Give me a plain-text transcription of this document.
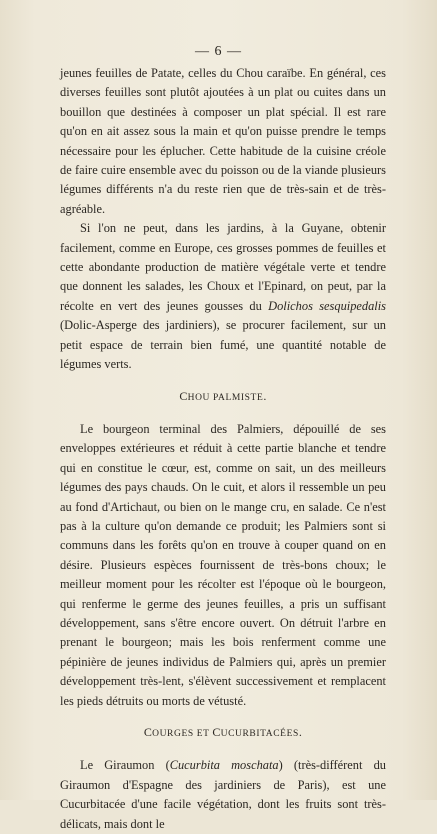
— 6 —

jeunes feuilles de Patate, celles du Chou caraïbe. En général, ces diverses feuilles sont plutôt ajoutées à un plat ou cuites dans un bouillon que destinées à composer un plat spécial. Il est rare qu'on en ait assez sous la main et qu'on puisse prendre le temps nécessaire pour les éplucher. Cette habitude de la cuisine créole de faire cuire ensemble avec du poisson ou de la viande plusieurs légumes différents n'a du reste rien que de très-sain et de très-agréable.

Si l'on ne peut, dans les jardins, à la Guyane, obtenir facilement, comme en Europe, ces grosses pommes de feuilles et cette abondante production de matière végétale verte et tendre que donnent les salades, les Choux et l'Epinard, on peut, par la récolte en vert des jeunes gousses du Dolichos sesquipedalis (Dolic-Asperge des jardiniers), se procurer facilement, sur un petit espace de terrain bien fumé, une quantité notable de légumes verts.

CHOU PALMISTE.

Le bourgeon terminal des Palmiers, dépouillé de ses enveloppes extérieures et réduit à cette partie blanche et tendre qui en constitue le cœur, est, comme on sait, un des meilleurs légumes des pays chauds. On le cuit, et alors il ressemble un peu au fond d'Artichaut, ou bien on le mange cru, en salade. Ce n'est pas à la culture qu'on demande ce produit; les Palmiers sont si communs dans les forêts qu'on en trouve à couper quand on en désire. Plusieurs espèces fournissent de très-bons choux; le meilleur moment pour les récolter est l'époque où le bourgeon, qui renferme le germe des jeunes feuilles, a pris un suffisant développement, sans s'être encore ouvert. On détruit l'arbre en prenant le bourgeon; mais les bois renferment comme une pépinière de jeunes individus de Palmiers qui, après un premier développement très-lent, s'élèvent successivement et remplacent les pieds détruits ou morts de vétusté.

COURGES ET CUCURBITACÉES.

Le Giraumon (Cucurbita moschata) (très-différent du Giraumon d'Espagne des jardiniers de Paris), est une Cucurbitacée d'une facile végétation, dont les fruits sont très-délicats, mais dont le
